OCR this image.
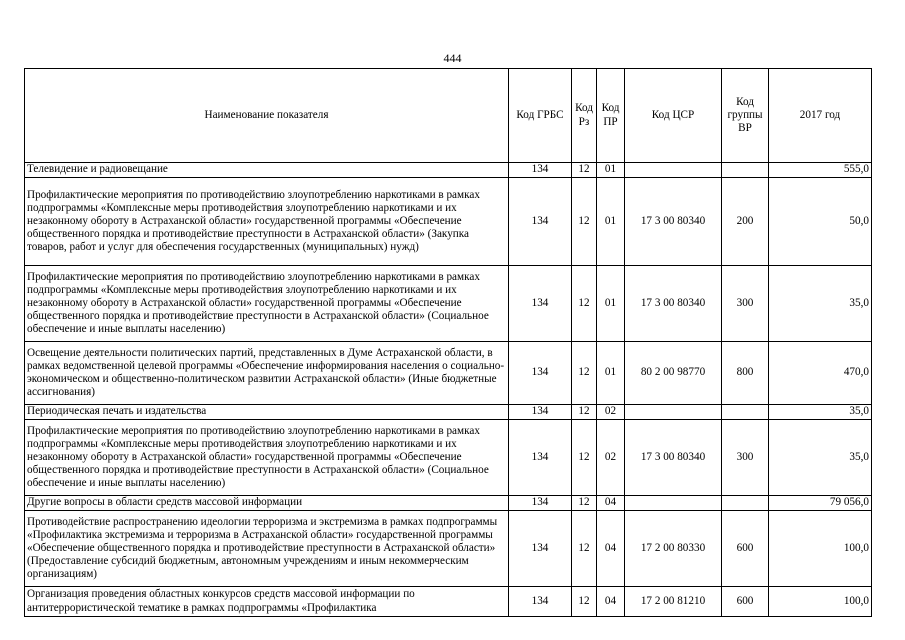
444
Наименование показателя	Код ГРБС	Код Рз	Код ПР	Код ЦСР	Код группы ВР	2017 год
Телевидение и радиовещание	134	12	01			555,0
Профилактические мероприятия по противодействию злоупотреблению наркотиками в рамках подпрограммы «Комплексные меры противодействия злоупотреблению наркотиками и их незаконному обороту в Астраханской области» государственной программы «Обеспечение общественного порядка и противодействие преступности в Астраханской области» (Закупка товаров, работ и услуг для обеспечения государственных (муниципальных) нужд)	134	12	01	17 3 00 80340	200	50,0
Профилактические мероприятия по противодействию злоупотреблению наркотиками в рамках подпрограммы «Комплексные меры противодействия злоупотреблению наркотиками и их незаконному обороту в Астраханской области» государственной программы «Обеспечение общественного порядка и противодействие преступности в Астраханской области» (Социальное обеспечение и иные выплаты населению)	134	12	01	17 3 00 80340	300	35,0
Освещение деятельности политических партий, представленных в Думе Астраханской области, в рамках ведомственной целевой программы «Обеспечение информирования населения о социально-экономическом и общественно-политическом развитии Астраханской области» (Иные бюджетные ассигнования)	134	12	01	80 2 00 98770	800	470,0
Периодическая печать и издательства	134	12	02			35,0
Профилактические мероприятия по противодействию злоупотреблению наркотиками в рамках подпрограммы «Комплексные меры противодействия злоупотреблению наркотиками и их незаконному обороту в Астраханской области» государственной программы «Обеспечение общественного порядка и противодействие преступности в Астраханской области» (Социальное обеспечение и иные выплаты населению)	134	12	02	17 3 00 80340	300	35,0
Другие вопросы в области средств массовой информации	134	12	04			79 056,0
Противодействие распространению идеологии терроризма и экстремизма в рамках подпрограммы «Профилактика экстремизма и терроризма в Астраханской области» государственной программы «Обеспечение общественного порядка и противодействие преступности в Астраханской области» (Предоставление субсидий бюджетным, автономным учреждениям и иным некоммерческим организациям)	134	12	04	17 2 00 80330	600	100,0
Организация проведения областных конкурсов средств массовой информации по антитеррористической тематике в рамках подпрограммы «Профилактика	134	12	04	17 2 00 81210	600	100,0
